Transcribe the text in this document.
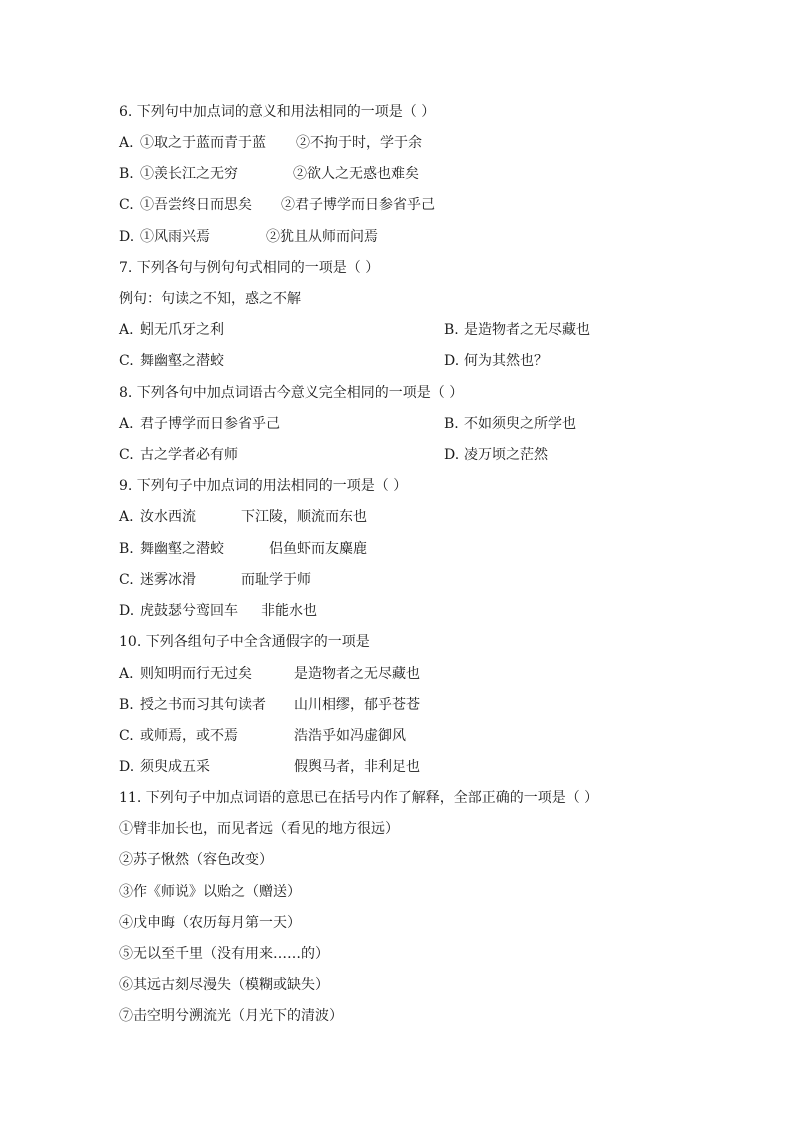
6. 下列句中加点词的意义和用法相同的一项是（ ）
A. ①取之于蓝而青于蓝 ②不拘于时，学于余
B. ①羡长江之无穷	②欲人之无惑也难矣
C. ①吾尝终日而思矣 ②君子博学而日参省乎己
D. ①风雨兴焉	②犹且从师而问焉
7. 下列各句与例句句式相同的一项是（ ）
例句：句读之不知，惑之不解
A. 蚓无爪牙之利	B. 是造物者之无尽藏也
C. 舞幽壑之潜蛟	D. 何为其然也？
8. 下列各句中加点词语古今意义完全相同的一项是（ ）
A. 君子博学而日参省乎己	B. 不如须臾之所学也
C. 古之学者必有师	D. 凌万顷之茫然
9. 下列句子中加点词的用法相同的一项是（ ）
A. 汝水西流	下江陵，顺流而东也
B. 舞幽壑之潜蛟	侣鱼虾而友麋鹿
C. 迷雾冰滑	而耻学于师
D. 虎鼓瑟兮鸾回车 非能水也
10. 下列各组句子中全含通假字的一项是
A. 则知明而行无过矣	是造物者之无尽藏也
B. 授之书而习其句读者 山川相缪，郁乎苍苍
C. 或师焉，或不焉	浩浩乎如冯虚御风
D. 须臾成五采	假舆马者，非利足也
11. 下列句子中加点词语的意思已在括号内作了解释，全部正确的一项是（ ）
①臂非加长也，而见者远（看见的地方很远）
②苏子愀然（容色改变）
③作《师说》以贻之（赠送）
④戊申晦（农历每月第一天）
⑤无以至千里（没有用来……的）
⑥其远古刻尽漫失（模糊或缺失）
⑦击空明兮溯流光（月光下的清波）
